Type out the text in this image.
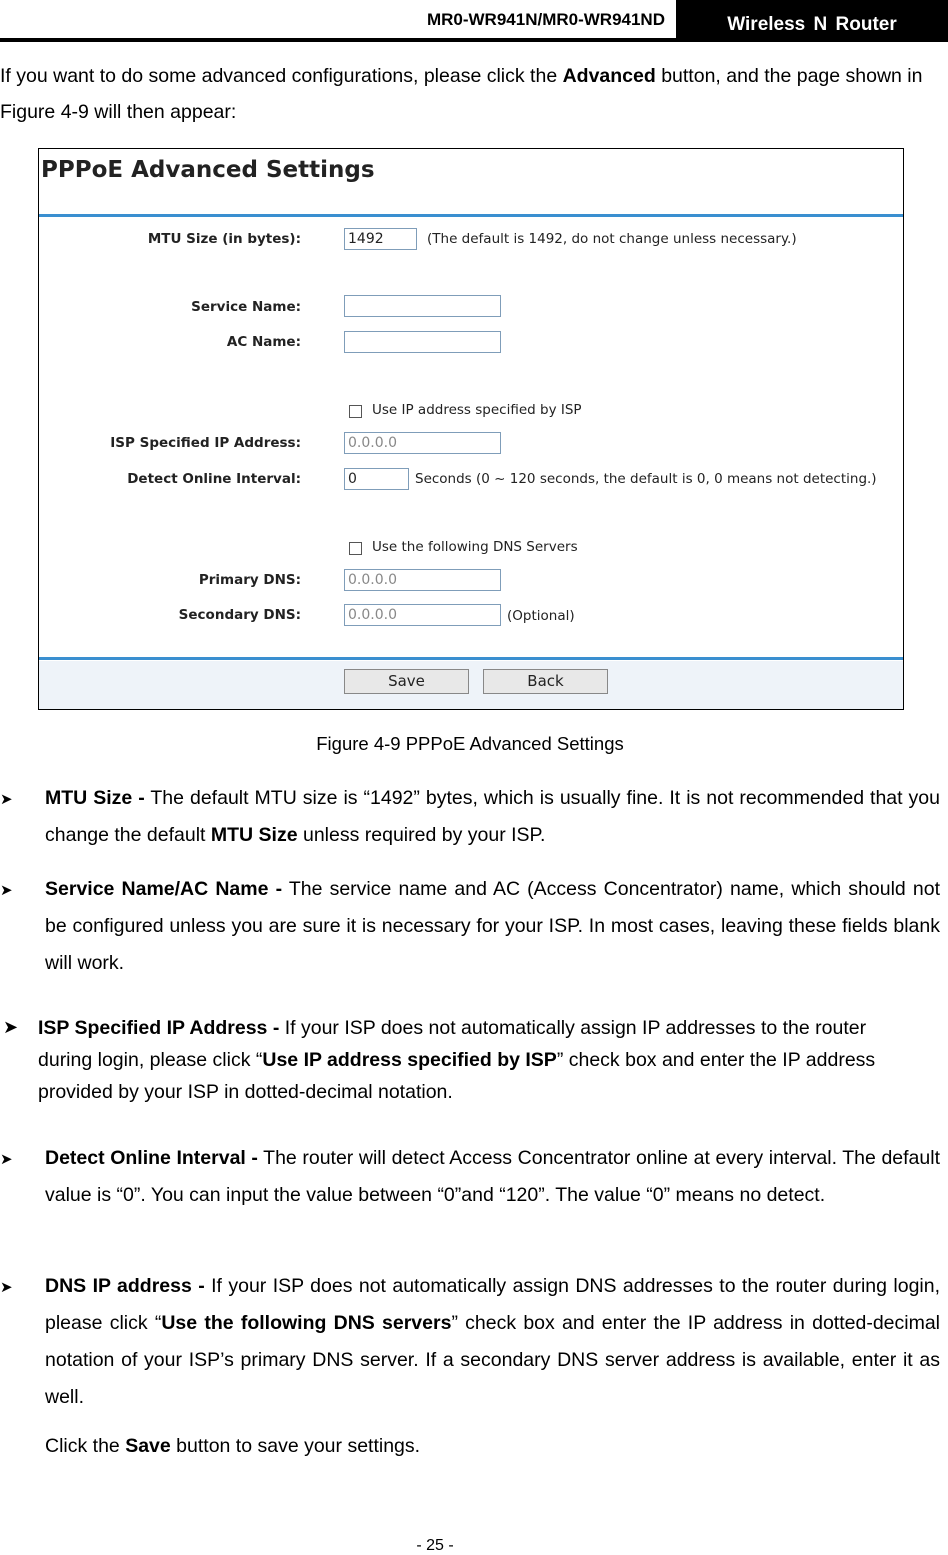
MR0-WR941N/MR0-WR941ND	Wireless N Router
If you want to do some advanced configurations, please click the Advanced button, and the page shown in Figure 4-9 will then appear:
PPPoE Advanced Settings
MTU Size (in bytes):	1492	(The default is 1492, do not change unless necessary.)
Service Name:
AC Name:
Use IP address specified by ISP
ISP Specified IP Address:	0.0.0.0
Detect Online Interval:	0	Seconds (0 ~ 120 seconds, the default is 0, 0 means not detecting.)
Use the following DNS Servers
Primary DNS:	0.0.0.0
Secondary DNS:	0.0.0.0	(Optional)
Save	Back
Figure 4-9 PPPoE Advanced Settings
➤ MTU Size - The default MTU size is “1492” bytes, which is usually fine. It is not recommended that you change the default MTU Size unless required by your ISP.
➤ Service Name/AC Name - The service name and AC (Access Concentrator) name, which should not be configured unless you are sure it is necessary for your ISP. In most cases, leaving these fields blank will work.
➤ ISP Specified IP Address - If your ISP does not automatically assign IP addresses to the router during login, please click “Use IP address specified by ISP” check box and enter the IP address provided by your ISP in dotted-decimal notation.
➤ Detect Online Interval - The router will detect Access Concentrator online at every interval. The default value is “0”. You can input the value between “0”and “120”. The value “0” means no detect.
➤ DNS IP address - If your ISP does not automatically assign DNS addresses to the router during login, please click “Use the following DNS servers” check box and enter the IP address in dotted-decimal notation of your ISP’s primary DNS server. If a secondary DNS server address is available, enter it as well.
Click the Save button to save your settings.
- 25 -
